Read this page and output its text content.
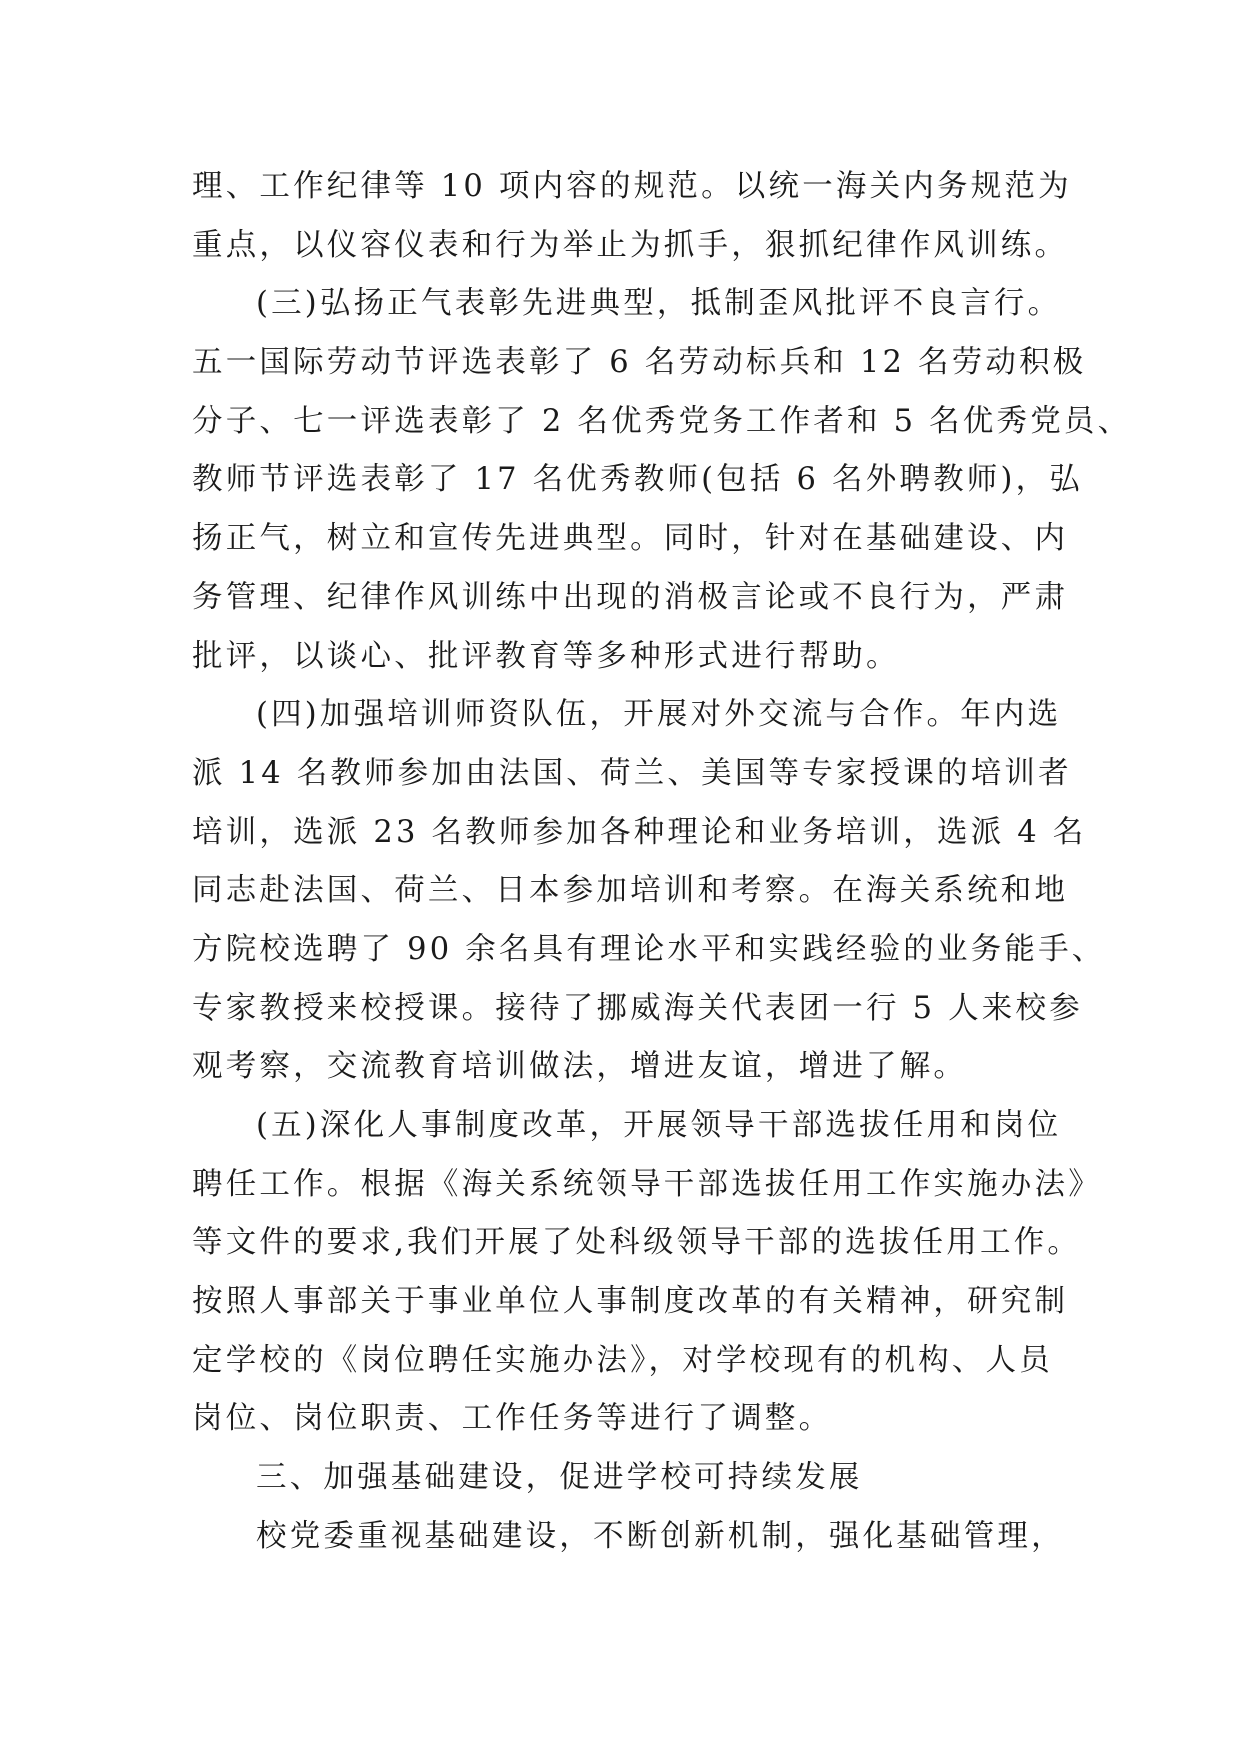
理、工作纪律等 10 项内容的规范。以统一海关内务规范为
重点，以仪容仪表和行为举止为抓手，狠抓纪律作风训练。
(三)弘扬正气表彰先进典型，抵制歪风批评不良言行。
五一国际劳动节评选表彰了 6 名劳动标兵和 12 名劳动积极
分子、七一评选表彰了 2 名优秀党务工作者和 5 名优秀党员、
教师节评选表彰了 17 名优秀教师(包括 6 名外聘教师)，弘
扬正气，树立和宣传先进典型。同时，针对在基础建设、内
务管理、纪律作风训练中出现的消极言论或不良行为，严肃
批评，以谈心、批评教育等多种形式进行帮助。
(四)加强培训师资队伍，开展对外交流与合作。年内选
派 14 名教师参加由法国、荷兰、美国等专家授课的培训者
培训，选派 23 名教师参加各种理论和业务培训，选派 4 名
同志赴法国、荷兰、日本参加培训和考察。在海关系统和地
方院校选聘了 90 余名具有理论水平和实践经验的业务能手、
专家教授来校授课。接待了挪威海关代表团一行 5 人来校参
观考察，交流教育培训做法，增进友谊，增进了解。
(五)深化人事制度改革，开展领导干部选拔任用和岗位
聘任工作。根据《海关系统领导干部选拔任用工作实施办法》
等文件的要求,我们开展了处科级领导干部的选拔任用工作。
按照人事部关于事业单位人事制度改革的有关精神，研究制
定学校的《岗位聘任实施办法》，对学校现有的机构、人员
岗位、岗位职责、工作任务等进行了调整。
三、加强基础建设，促进学校可持续发展
校党委重视基础建设，不断创新机制，强化基础管理，
